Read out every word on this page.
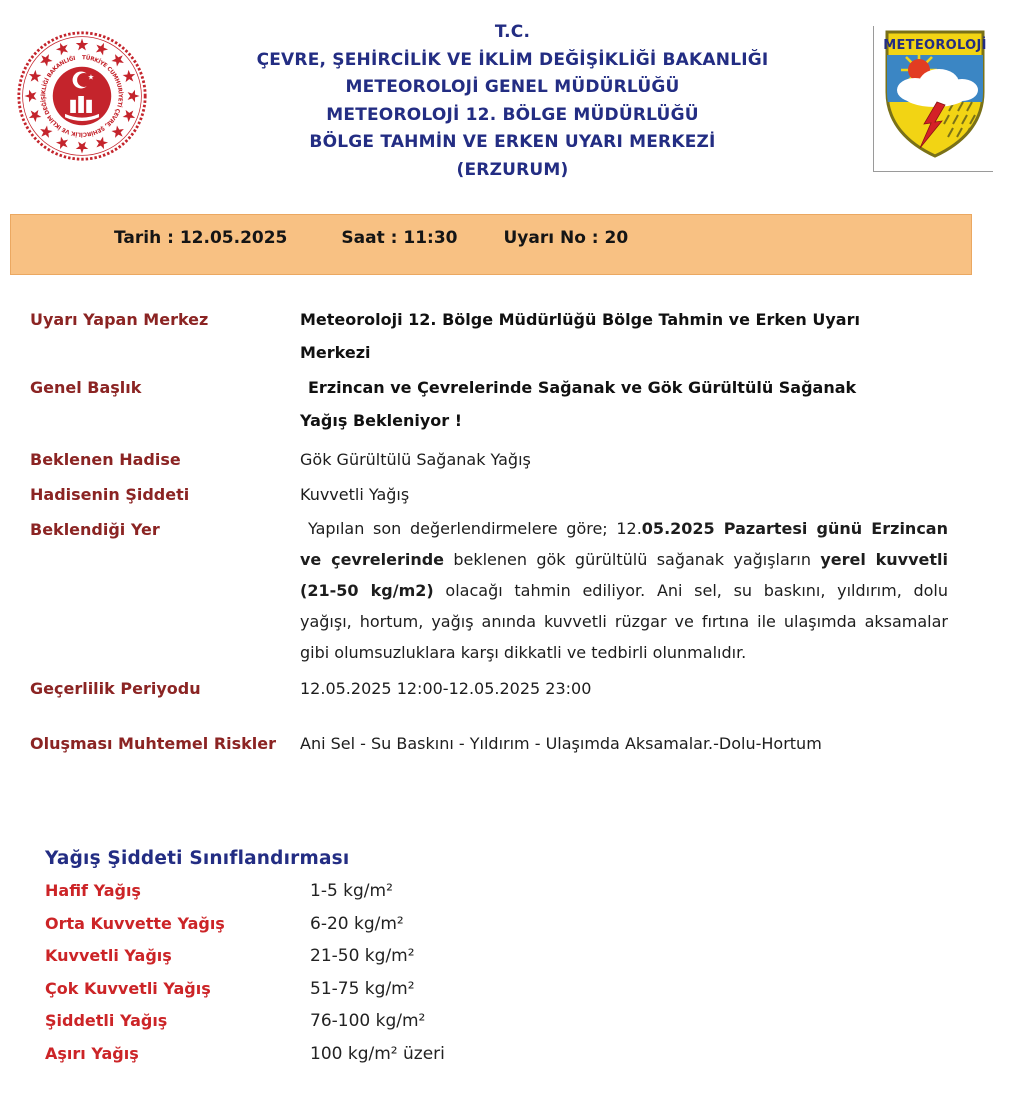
TÜRKİYE CUMHURİYETİ ÇEVRE, ŞEHİRCİLİK VE İKLİM DEĞİŞİKLİĞİ BAKANLIĞI
T.C.
ÇEVRE, ŞEHİRCİLİK VE İKLİM DEĞİŞİKLİĞİ BAKANLIĞI
METEOROLOJİ GENEL MÜDÜRLÜĞÜ
METEOROLOJİ 12. BÖLGE MÜDÜRLÜĞÜ
BÖLGE TAHMİN VE ERKEN UYARI MERKEZİ
(ERZURUM)
METEOROLOJİ
Tarih : 12.05.2025	Saat : 11:30	Uyarı No : 20
Uyarı Yapan Merkez	Meteoroloji 12. Bölge Müdürlüğü Bölge Tahmin ve Erken Uyarı
Merkezi
Genel Başlık	Erzincan ve Çevrelerinde Sağanak ve Gök Gürültülü Sağanak
Yağış Bekleniyor !
Beklenen Hadise	Gök Gürültülü Sağanak Yağış
Hadisenin Şiddeti	Kuvvetli Yağış
Beklendiği Yer	Yapılan son değerlendirmelere göre; 12.05.2025 Pazartesi günü Erzincan
ve çevrelerinde beklenen gök gürültülü sağanak yağışların yerel kuvvetli
(21-50 kg/m2) olacağı tahmin ediliyor. Ani sel, su baskını, yıldırım, dolu
yağışı, hortum, yağış anında kuvvetli rüzgar ve fırtına ile ulaşımda aksamalar
gibi olumsuzluklara karşı dikkatli ve tedbirli olunmalıdır.
Geçerlilik Periyodu	12.05.2025 12:00-12.05.2025 23:00
Oluşması Muhtemel Riskler	Ani Sel - Su Baskını - Yıldırım - Ulaşımda Aksamalar.-Dolu-Hortum
Yağış Şiddeti Sınıflandırması
Hafif Yağış	1-5 kg/m²
Orta Kuvvette Yağış	6-20 kg/m²
Kuvvetli Yağış	21-50 kg/m²
Çok Kuvvetli Yağış	51-75 kg/m²
Şiddetli Yağış	76-100 kg/m²
Aşırı Yağış	100 kg/m² üzeri
